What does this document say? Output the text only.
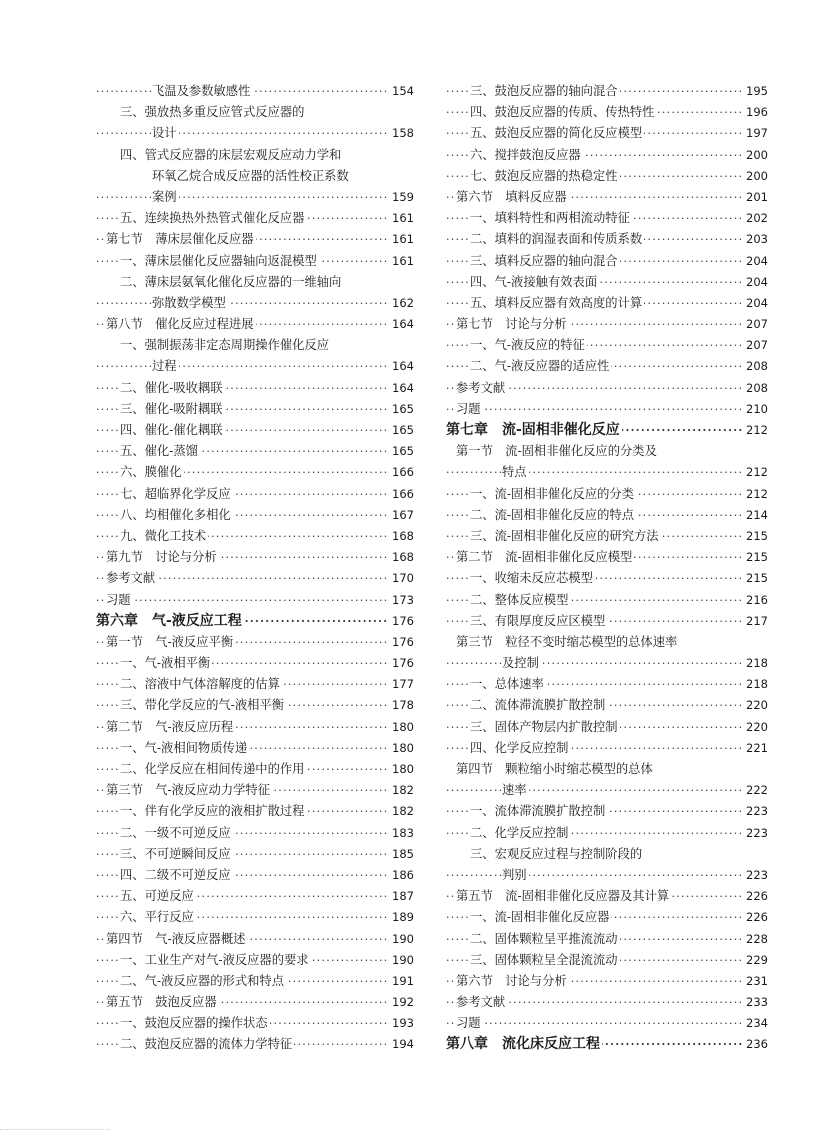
·····
飞温及参数敏感性	154
三、强放热多重反应管式反应器的
·····
设计	158
四、管式反应器的床层宏观反应动力学和
环氧乙烷合成反应器的活性校正系数
·····
案例	159
·····
五、连续换热外热管式催化反应器	161
·····
第七节　薄床层催化反应器	161
·····
一、薄床层催化反应器轴向返混模型	161
二、薄床层氨氧化催化反应器的一维轴向
·····
弥散数学模型	162
·····
第八节　催化反应过程进展	164
一、强制振荡非定态周期操作催化反应
·····
过程	164
·····
二、催化-吸收耦联	164
·····
三、催化-吸附耦联	165
·····
四、催化-催化耦联	165
·····
五、催化-蒸馏	165
·····
六、膜催化	166
·····
七、超临界化学反应	166
·····
八、均相催化多相化	167
·····
九、微化工技术	168
·····
第九节　讨论与分析	168
·····
参考文献	170
·····
习题	173
·····
第六章　气-液反应工程	176
·····
第一节　气-液反应平衡	176
·····
一、气-液相平衡	176
·····
二、溶液中气体溶解度的估算	177
·····
三、带化学反应的气-液相平衡	178
·····
第二节　气-液反应历程	180
·····
一、气-液相间物质传递	180
·····
二、化学反应在相间传递中的作用	180
·····
第三节　气-液反应动力学特征	182
·····
一、伴有化学反应的液相扩散过程	182
·····
二、一级不可逆反应	183
·····
三、不可逆瞬间反应	185
·····
四、二级不可逆反应	186
·····
五、可逆反应	187
·····
六、平行反应	189
·····
第四节　气-液反应器概述	190
·····
一、工业生产对气-液反应器的要求	190
·····
二、气-液反应器的形式和特点	191
·····
第五节　鼓泡反应器	192
·····
一、鼓泡反应器的操作状态	193
·····
二、鼓泡反应器的流体力学特征	194
·····
三、鼓泡反应器的轴向混合	195
·····
四、鼓泡反应器的传质、传热特性	196
·····
五、鼓泡反应器的简化反应模型	197
·····
六、搅拌鼓泡反应器	200
·····
七、鼓泡反应器的热稳定性	200
·····
第六节　填料反应器	201
·····
一、填料特性和两相流动特征	202
·····
二、填料的润湿表面和传质系数	203
·····
三、填料反应器的轴向混合	204
·····
四、气-液接触有效表面	204
·····
五、填料反应器有效高度的计算	204
·····
第七节　讨论与分析	207
·····
一、气-液反应的特征	207
·····
二、气-液反应器的适应性	208
·····
参考文献	208
·····
习题	210
·····
第七章　流-固相非催化反应	212
第一节　流-固相非催化反应的分类及
·····
特点	212
·····
一、流-固相非催化反应的分类	212
·····
二、流-固相非催化反应的特点	214
·····
三、流-固相非催化反应的研究方法	215
·····
第二节　流-固相非催化反应模型	215
·····
一、收缩未反应芯模型	215
·····
二、整体反应模型	216
·····
三、有限厚度反应区模型	217
第三节　粒径不变时缩芯模型的总体速率
·····
及控制	218
·····
一、总体速率	218
·····
二、流体滞流膜扩散控制	220
·····
三、固体产物层内扩散控制	220
·····
四、化学反应控制	221
第四节　颗粒缩小时缩芯模型的总体
·····
速率	222
·····
一、流体滞流膜扩散控制	223
·····
二、化学反应控制	223
三、宏观反应过程与控制阶段的
·····
判别	223
·····
第五节　流-固相非催化反应器及其计算	226
·····
一、流-固相非催化反应器	226
·····
二、固体颗粒呈平推流流动	228
·····
三、固体颗粒呈全混流流动	229
·····
第六节　讨论与分析	231
·····
参考文献	233
·····
习题	234
·····
第八章　流化床反应工程	236
